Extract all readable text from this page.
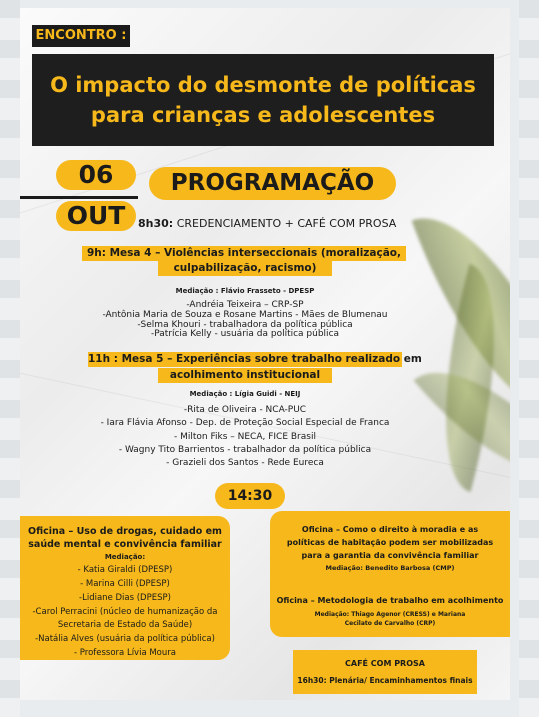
ENCONTRO :
O impacto do desmonte de políticas
para crianças e adolescentes
06
OUT
PROGRAMAÇÃO
8h30: CREDENCIAMENTO + CAFÉ COM PROSA
9h: Mesa 4 – Violências interseccionais (moralização,
culpabilização, racismo)
Mediação : Flávio Frasseto - DPESP
-Andréia Teixeira – CRP-SP
-Antônia Maria de Souza e Rosane Martins - Mães de Blumenau
-Selma Khouri - trabalhadora da política pública
-Patrícia Kelly - usuária da política pública
11h : Mesa 5 – Experiências sobre trabalho realizado em
acolhimento institucional
Mediação : Lígia Guidi - NEIJ
-Rita de Oliveira - NCA-PUC
- Iara Flávia Afonso - Dep. de Proteção Social Especial de Franca
- Milton Fiks – NECA, FICE Brasil
- Wagny Tito Barrientos - trabalhador da política pública
- Grazieli dos Santos - Rede Eureca
14:30
Oficina – Uso de drogas, cuidado em
saúde mental e convivência familiar
Mediação:
- Katia Giraldi (DPESP)
- Marina Cilli (DPESP)
-Lidiane Dias (DPESP)
-Carol Perracini (núcleo de humanização da
Secretaria de Estado da Saúde)
-Natália Alves (usuária da política pública)
- Professora Lívia Moura
Oficina – Como o direito à moradia e as
políticas de habitação podem ser mobilizadas
para a garantia da convivência familiar
Mediação: Benedito Barbosa (CMP)
Oficina – Metodologia de trabalho em acolhimento
Mediação: Thiago Agenor (CRESS) e Mariana
Cecilato de Carvalho (CRP)
CAFÉ COM PROSA
16h30: Plenária/ Encaminhamentos finais
